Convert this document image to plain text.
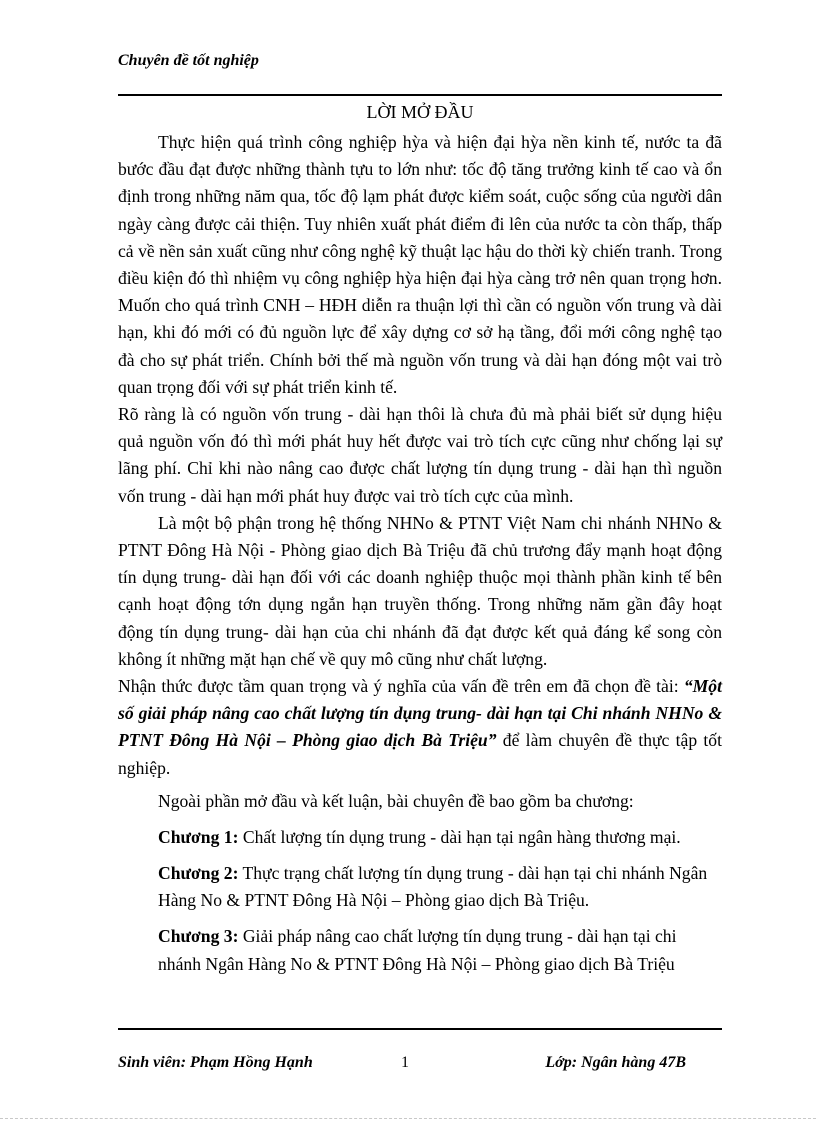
Chuyên đề tốt nghiệp
LỜI MỞ ĐẦU

Thực hiện quá trình công nghiệp hỳa và hiện đại hỳa nền kinh tế, nước ta đã bước đầu đạt được những thành tựu to lớn như: tốc độ tăng trưởng kinh tế cao và ổn định trong những năm qua, tốc độ lạm phát được kiểm soát, cuộc sống của người dân ngày càng được cải thiện. Tuy nhiên xuất phát điểm đi lên của nước ta còn thấp, thấp cả về nền sản xuất cũng như công nghệ kỹ thuật lạc hậu do thời kỳ chiến tranh. Trong điều kiện đó thì nhiệm vụ công nghiệp hỳa hiện đại hỳa càng trở nên quan trọng hơn. Muốn cho quá trình CNH – HĐH diễn ra thuận lợi thì cần có nguồn vốn trung và dài hạn, khi đó mới có đủ nguồn lực để xây dựng cơ sở hạ tầng, đổi mới công nghệ tạo đà cho sự phát triển. Chính bởi thế mà nguồn vốn trung và dài hạn đóng một vai trò quan trọng đối với sự phát triển kinh tế.

Rõ ràng là có nguồn vốn trung - dài hạn thôi là chưa đủ mà phải biết sử dụng hiệu quả nguồn vốn đó thì mới phát huy hết được vai trò tích cực cũng như chống lại sự lãng phí. Chỉ khi nào nâng cao được chất lượng tín dụng trung - dài hạn thì nguồn vốn trung - dài hạn mới phát huy được vai trò tích cực của mình.

Là một bộ phận trong hệ thống NHNo & PTNT Việt Nam chi nhánh NHNo & PTNT Đông Hà Nội - Phòng giao dịch Bà Triệu đã chủ trương đẩy mạnh hoạt động tín dụng trung- dài hạn đối với các doanh nghiệp thuộc mọi thành phần kinh tế bên cạnh hoạt động tớn dụng ngắn hạn truyền thống. Trong những năm gần đây hoạt động tín dụng trung- dài hạn của chi nhánh đã đạt được kết quả đáng kể song còn không ít những mặt hạn chế về quy mô cũng như chất lượng.

Nhận thức được tầm quan trọng và ý nghĩa của vấn đề trên em đã chọn đề tài: “Một số giải pháp nâng cao chất lượng tín dụng trung- dài hạn tại Chi nhánh NHNo & PTNT Đông Hà Nội – Phòng giao dịch Bà Triệu” để làm chuyên đề thực tập tốt nghiệp.

Ngoài phần mở đầu và kết luận, bài chuyên đề bao gồm ba chương:

Chương 1: Chất lượng tín dụng trung - dài hạn tại ngân hàng thương mại.

Chương 2: Thực trạng chất lượng tín dụng trung - dài hạn tại chi nhánh Ngân Hàng No & PTNT Đông Hà Nội – Phòng giao dịch Bà Triệu.

Chương 3: Giải pháp nâng cao chất lượng tín dụng trung - dài hạn tại chi nhánh Ngân Hàng No & PTNT Đông Hà Nội – Phòng giao dịch Bà Triệu

Sinh viên: Phạm Hồng Hạnh	1	Lớp: Ngân hàng 47B
